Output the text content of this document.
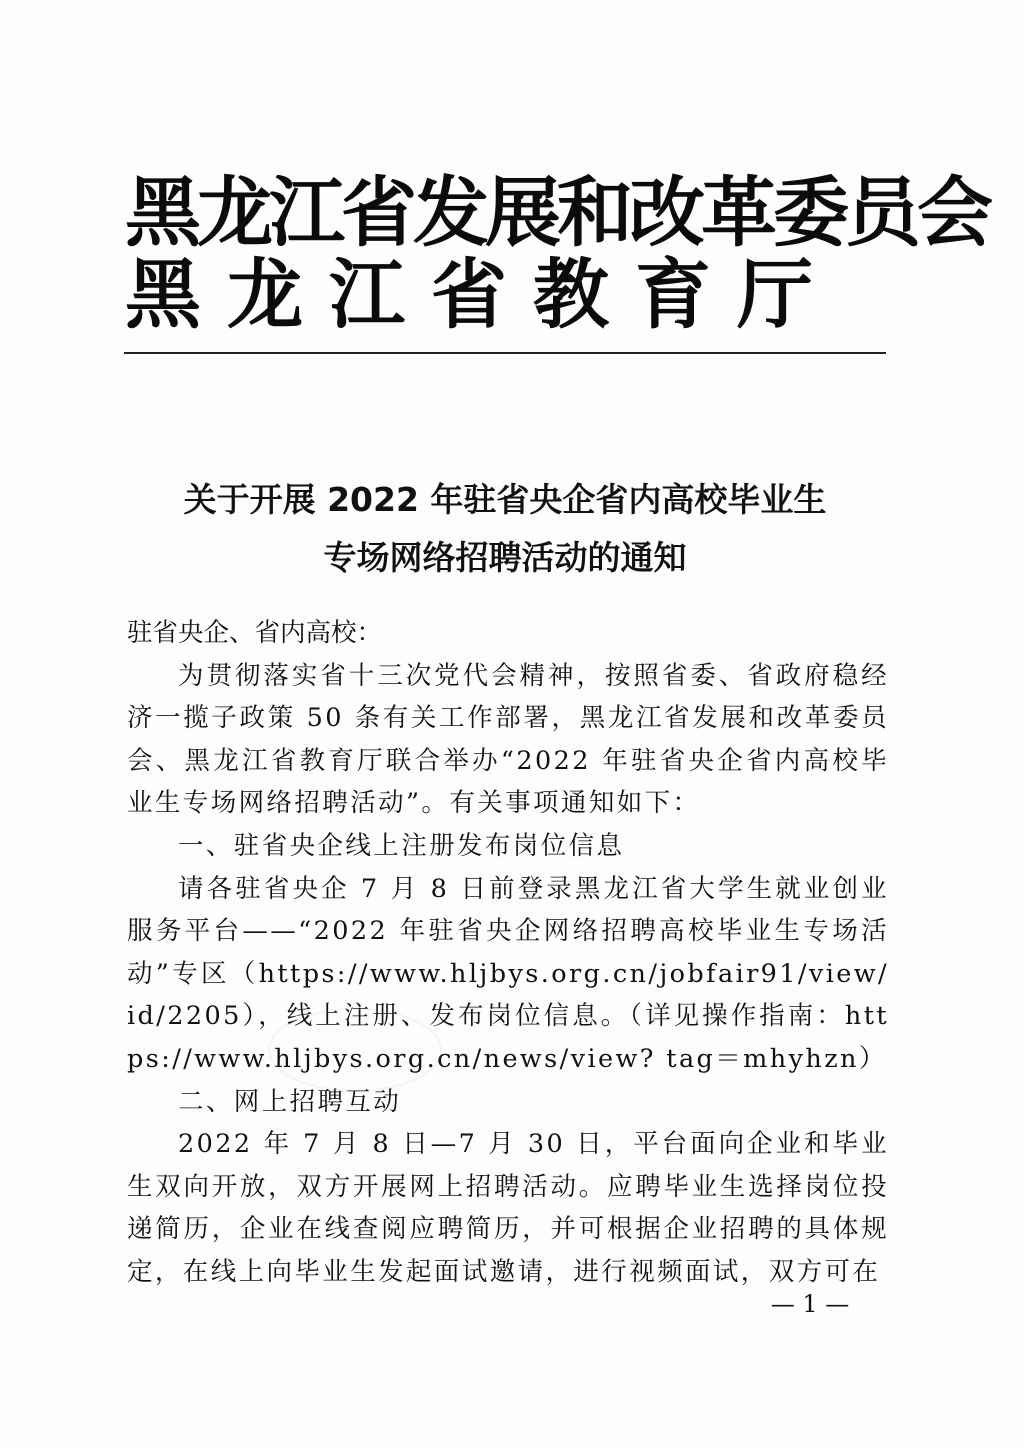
黑龙江省发展和改革委员会
黑龙江省教育厅
关于开展 2022 年驻省央企省内高校毕业生
专场网络招聘活动的通知

驻省央企、省内高校：

为贯彻落实省十三次党代会精神，按照省委、省政府稳经济一揽子政策 50 条有关工作部署，黑龙江省发展和改革委员会、黑龙江省教育厅联合举办“2022 年驻省央企省内高校毕业生专场网络招聘活动”。有关事项通知如下：

一、驻省央企线上注册发布岗位信息

请各驻省央企 7 月 8 日前登录黑龙江省大学生就业创业服务平台——“2022 年驻省央企网络招聘高校毕业生专场活动”专区（https://www.hljbys.org.cn/jobfair91/view/id/2205），线上注册、发布岗位信息。（详见操作指南：https://www.hljbys.org.cn/news/view? tag＝mhyhzn）

二、网上招聘互动

2022 年 7 月 8 日—7 月 30 日，平台面向企业和毕业生双向开放，双方开展网上招聘活动。应聘毕业生选择岗位投递简历，企业在线查阅应聘简历，并可根据企业招聘的具体规定，在线上向毕业生发起面试邀请，进行视频面试，双方可在

— 1 —
